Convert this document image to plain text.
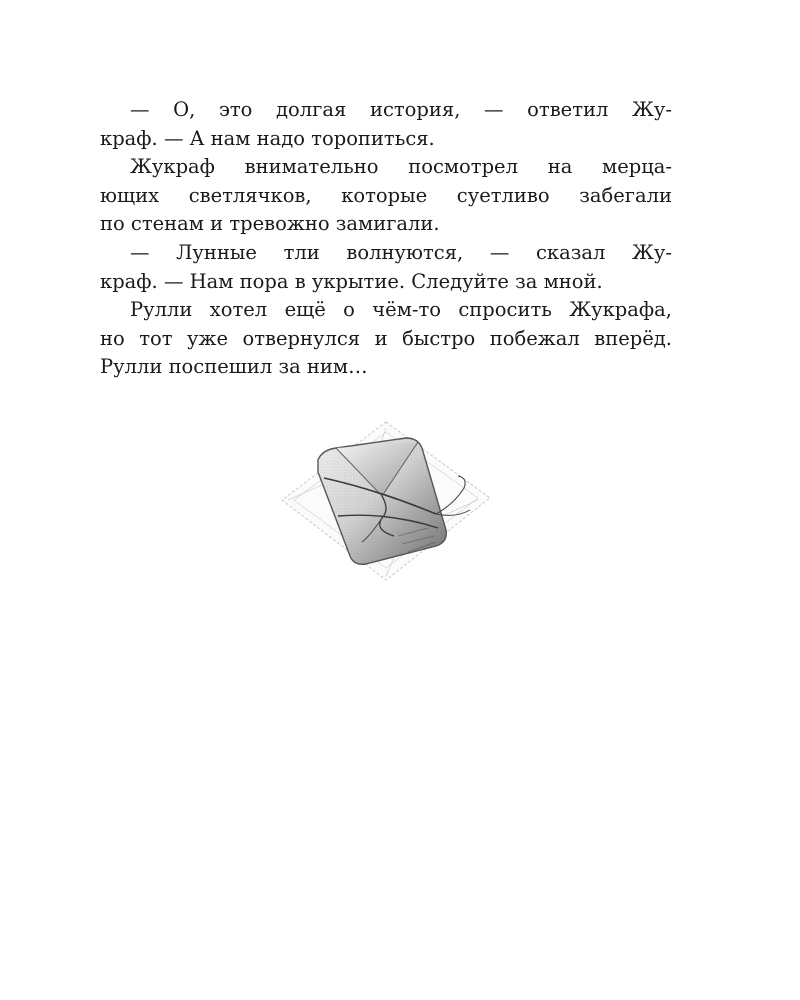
— О, это долгая история, — ответил Жу-
краф. — А нам надо торопиться.
Жукраф внимательно посмотрел на мерца-
ющих светлячков, которые суетливо забегали
по стенам и тревожно замигали.
— Лунные тли волнуются, — сказал Жу-
краф. — Нам пора в укрытие. Следуйте за мной.
Рулли хотел ещё о чём-то спросить Жукрафа,
но тот уже отвернулся и быстро побежал вперёд.
Рулли поспешил за ним…
